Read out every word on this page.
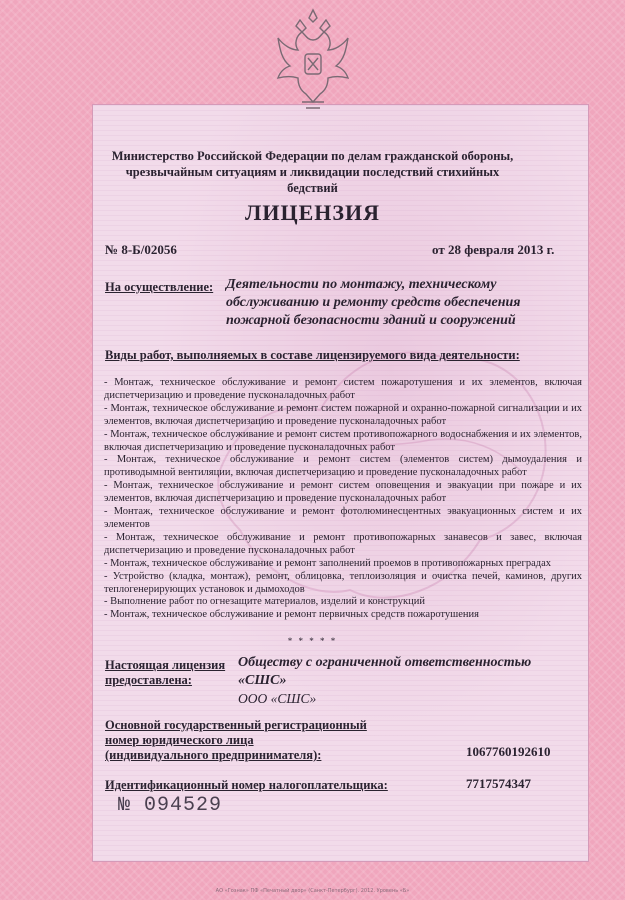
Министерство Российской Федерации по делам гражданской обороны, чрезвычайным ситуациям и ликвидации последствий стихийных бедствий
ЛИЦЕНЗИЯ
№ 8-Б/02056	от 28 февраля 2013 г.
На осуществление: Деятельности по монтажу, техническому обслуживанию и ремонту средств обеспечения пожарной безопасности зданий и сооружений
Виды работ, выполняемых в составе лицензируемого вида деятельности:
- Монтаж, техническое обслуживание и ремонт систем пожаротушения и их элементов, включая диспетчеризацию и проведение пусконаладочных работ
- Монтаж, техническое обслуживание и ремонт систем пожарной и охранно-пожарной сигнализации и их элементов, включая диспетчеризацию и проведение пусконаладочных работ
- Монтаж, техническое обслуживание и ремонт систем противопожарного водоснабжения и их элементов, включая диспетчеризацию и проведение пусконаладочных работ
- Монтаж, техническое обслуживание и ремонт систем (элементов систем) дымоудаления и противодымной вентиляции, включая диспетчеризацию и проведение пусконаладочных работ
- Монтаж, техническое обслуживание и ремонт систем оповещения и эвакуации при пожаре и их элементов, включая диспетчеризацию и проведение пусконаладочных работ
- Монтаж, техническое обслуживание и ремонт фотолюминесцентных эвакуационных систем и их элементов
- Монтаж, техническое обслуживание и ремонт противопожарных занавесов и завес, включая диспетчеризацию и проведение пусконаладочных работ
- Монтаж, техническое обслуживание и ремонт заполнений проемов в противопожарных преградах
- Устройство (кладка, монтаж), ремонт, облицовка, теплоизоляция и очистка печей, каминов, других теплогенерирующих установок и дымоходов
- Выполнение работ по огнезащите материалов, изделий и конструкций
- Монтаж, техническое обслуживание и ремонт первичных средств пожаротушения
* * * * *
Настоящая лицензия
предоставлена:
Обществу с ограниченной ответственностью «СШС»
ООО «СШС»
Основной государственный регистрационный
номер юридического лица
(индивидуального предпринимателя):	1067760192610
Идентификационный номер налогоплательщика:	7717574347
№ 094529
АО «Гознак» ПФ «Печатный двор» (Санкт-Петербург). 2012. Уровень «Б»
